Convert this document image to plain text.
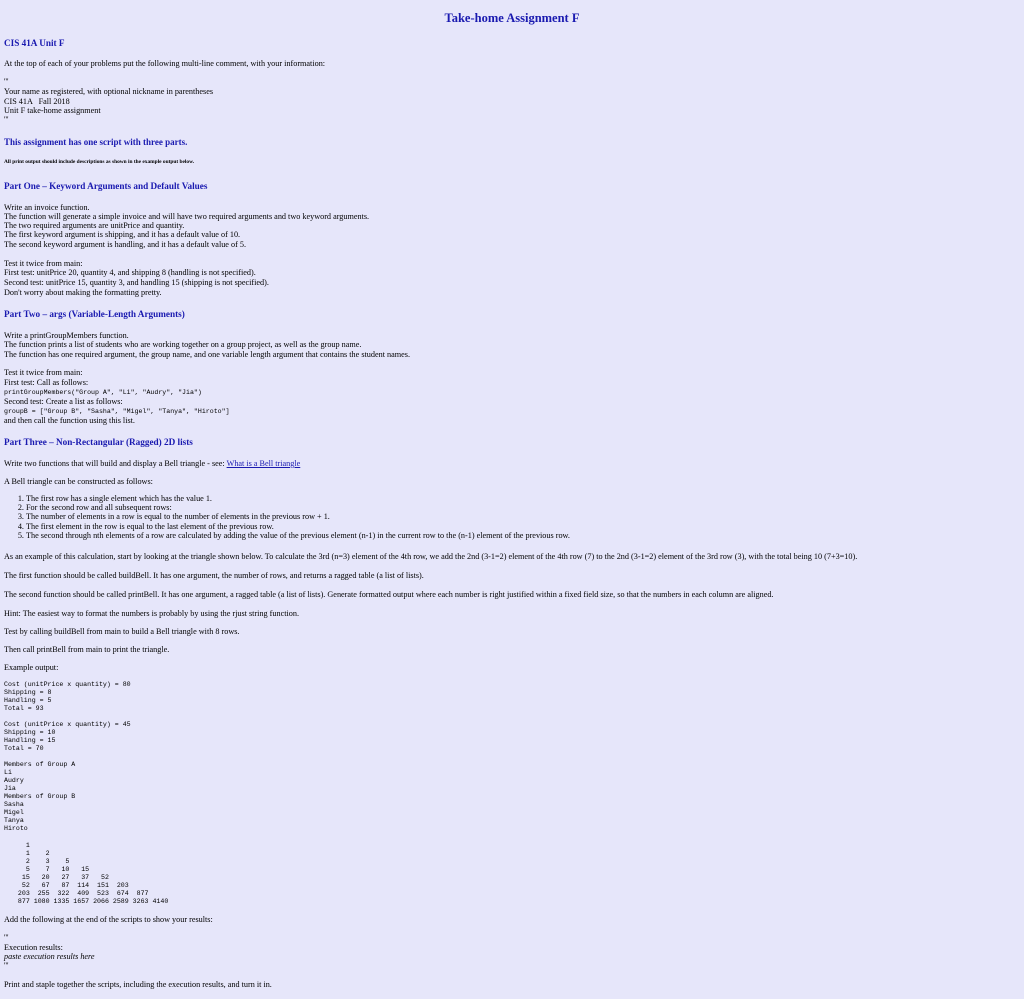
Take-home Assignment F
CIS 41A Unit F
At the top of each of your problems put the following multi-line comment, with your information:
'''
Your name as registered, with optional nickname in parentheses
CIS 41A   Fall 2018
Unit F take-home assignment
'''
This assignment has one script with three parts.
All print output should include descriptions as shown in the example output below.
Part One – Keyword Arguments and Default Values
Write an invoice function.
The function will generate a simple invoice and will have two required arguments and two keyword arguments.
The two required arguments are unitPrice and quantity.
The first keyword argument is shipping, and it has a default value of 10.
The second keyword argument is handling, and it has a default value of 5.
Test it twice from main:
First test: unitPrice 20, quantity 4, and shipping 8 (handling is not specified).
Second test: unitPrice 15, quantity 3, and handling 15 (shipping is not specified).
Don't worry about making the formatting pretty.
Part Two – args (Variable-Length Arguments)
Write a printGroupMembers function.
The function prints a list of students who are working together on a group project, as well as the group name.
The function has one required argument, the group name, and one variable length argument that contains the student names.
Test it twice from main:
First test: Call as follows:
printGroupMembers("Group A", "Li", "Audry", "Jia")
Second test: Create a list as follows:
groupB = ["Group B", "Sasha", "Migel", "Tanya", "Hiroto"]
and then call the function using this list.
Part Three – Non-Rectangular (Ragged) 2D lists
Write two functions that will build and display a Bell triangle - see: What is a Bell triangle
A Bell triangle can be constructed as follows:
1. The first row has a single element which has the value 1.
2. For the second row and all subsequent rows:
3. The number of elements in a row is equal to the number of elements in the previous row + 1.
4. The first element in the row is equal to the last element of the previous row.
5. The second through nth elements of a row are calculated by adding the value of the previous element (n-1) in the current row to the (n-1) element of the previous row.
As an example of this calculation, start by looking at the triangle shown below. To calculate the 3rd (n=3) element of the 4th row, we add the 2nd (3-1=2) element of the 4th row (7) to the 2nd (3-1=2) element of the 3rd row (3), with the total being 10 (7+3=10).
The first function should be called buildBell. It has one argument, the number of rows, and returns a ragged table (a list of lists).
The second function should be called printBell. It has one argument, a ragged table (a list of lists). Generate formatted output where each number is right justified within a fixed field size, so that the numbers in each column are aligned.
Hint: The easiest way to format the numbers is probably by using the rjust string function.
Test by calling buildBell from main to build a Bell triangle with 8 rows.
Then call printBell from main to print the triangle.
Example output:
Cost (unitPrice x quantity) = 80
Shipping = 8
Handling = 5
Total = 93
Cost (unitPrice x quantity) = 45
Shipping = 10
Handling = 15
Total = 70
Members of Group A
Li
Audry
Jia
Members of Group B
Sasha
Migel
Tanya
Hiroto
1
1    2
2    3    5
5    7   10   15
15   20   27   37   52
52   67   87  114  151  203
203  255  322  409  523  674  877
877 1080 1335 1657 2066 2589 3263 4140
Add the following at the end of the scripts to show your results:
'''
Execution results:
paste execution results here
'''
Print and staple together the scripts, including the execution results, and turn it in.
